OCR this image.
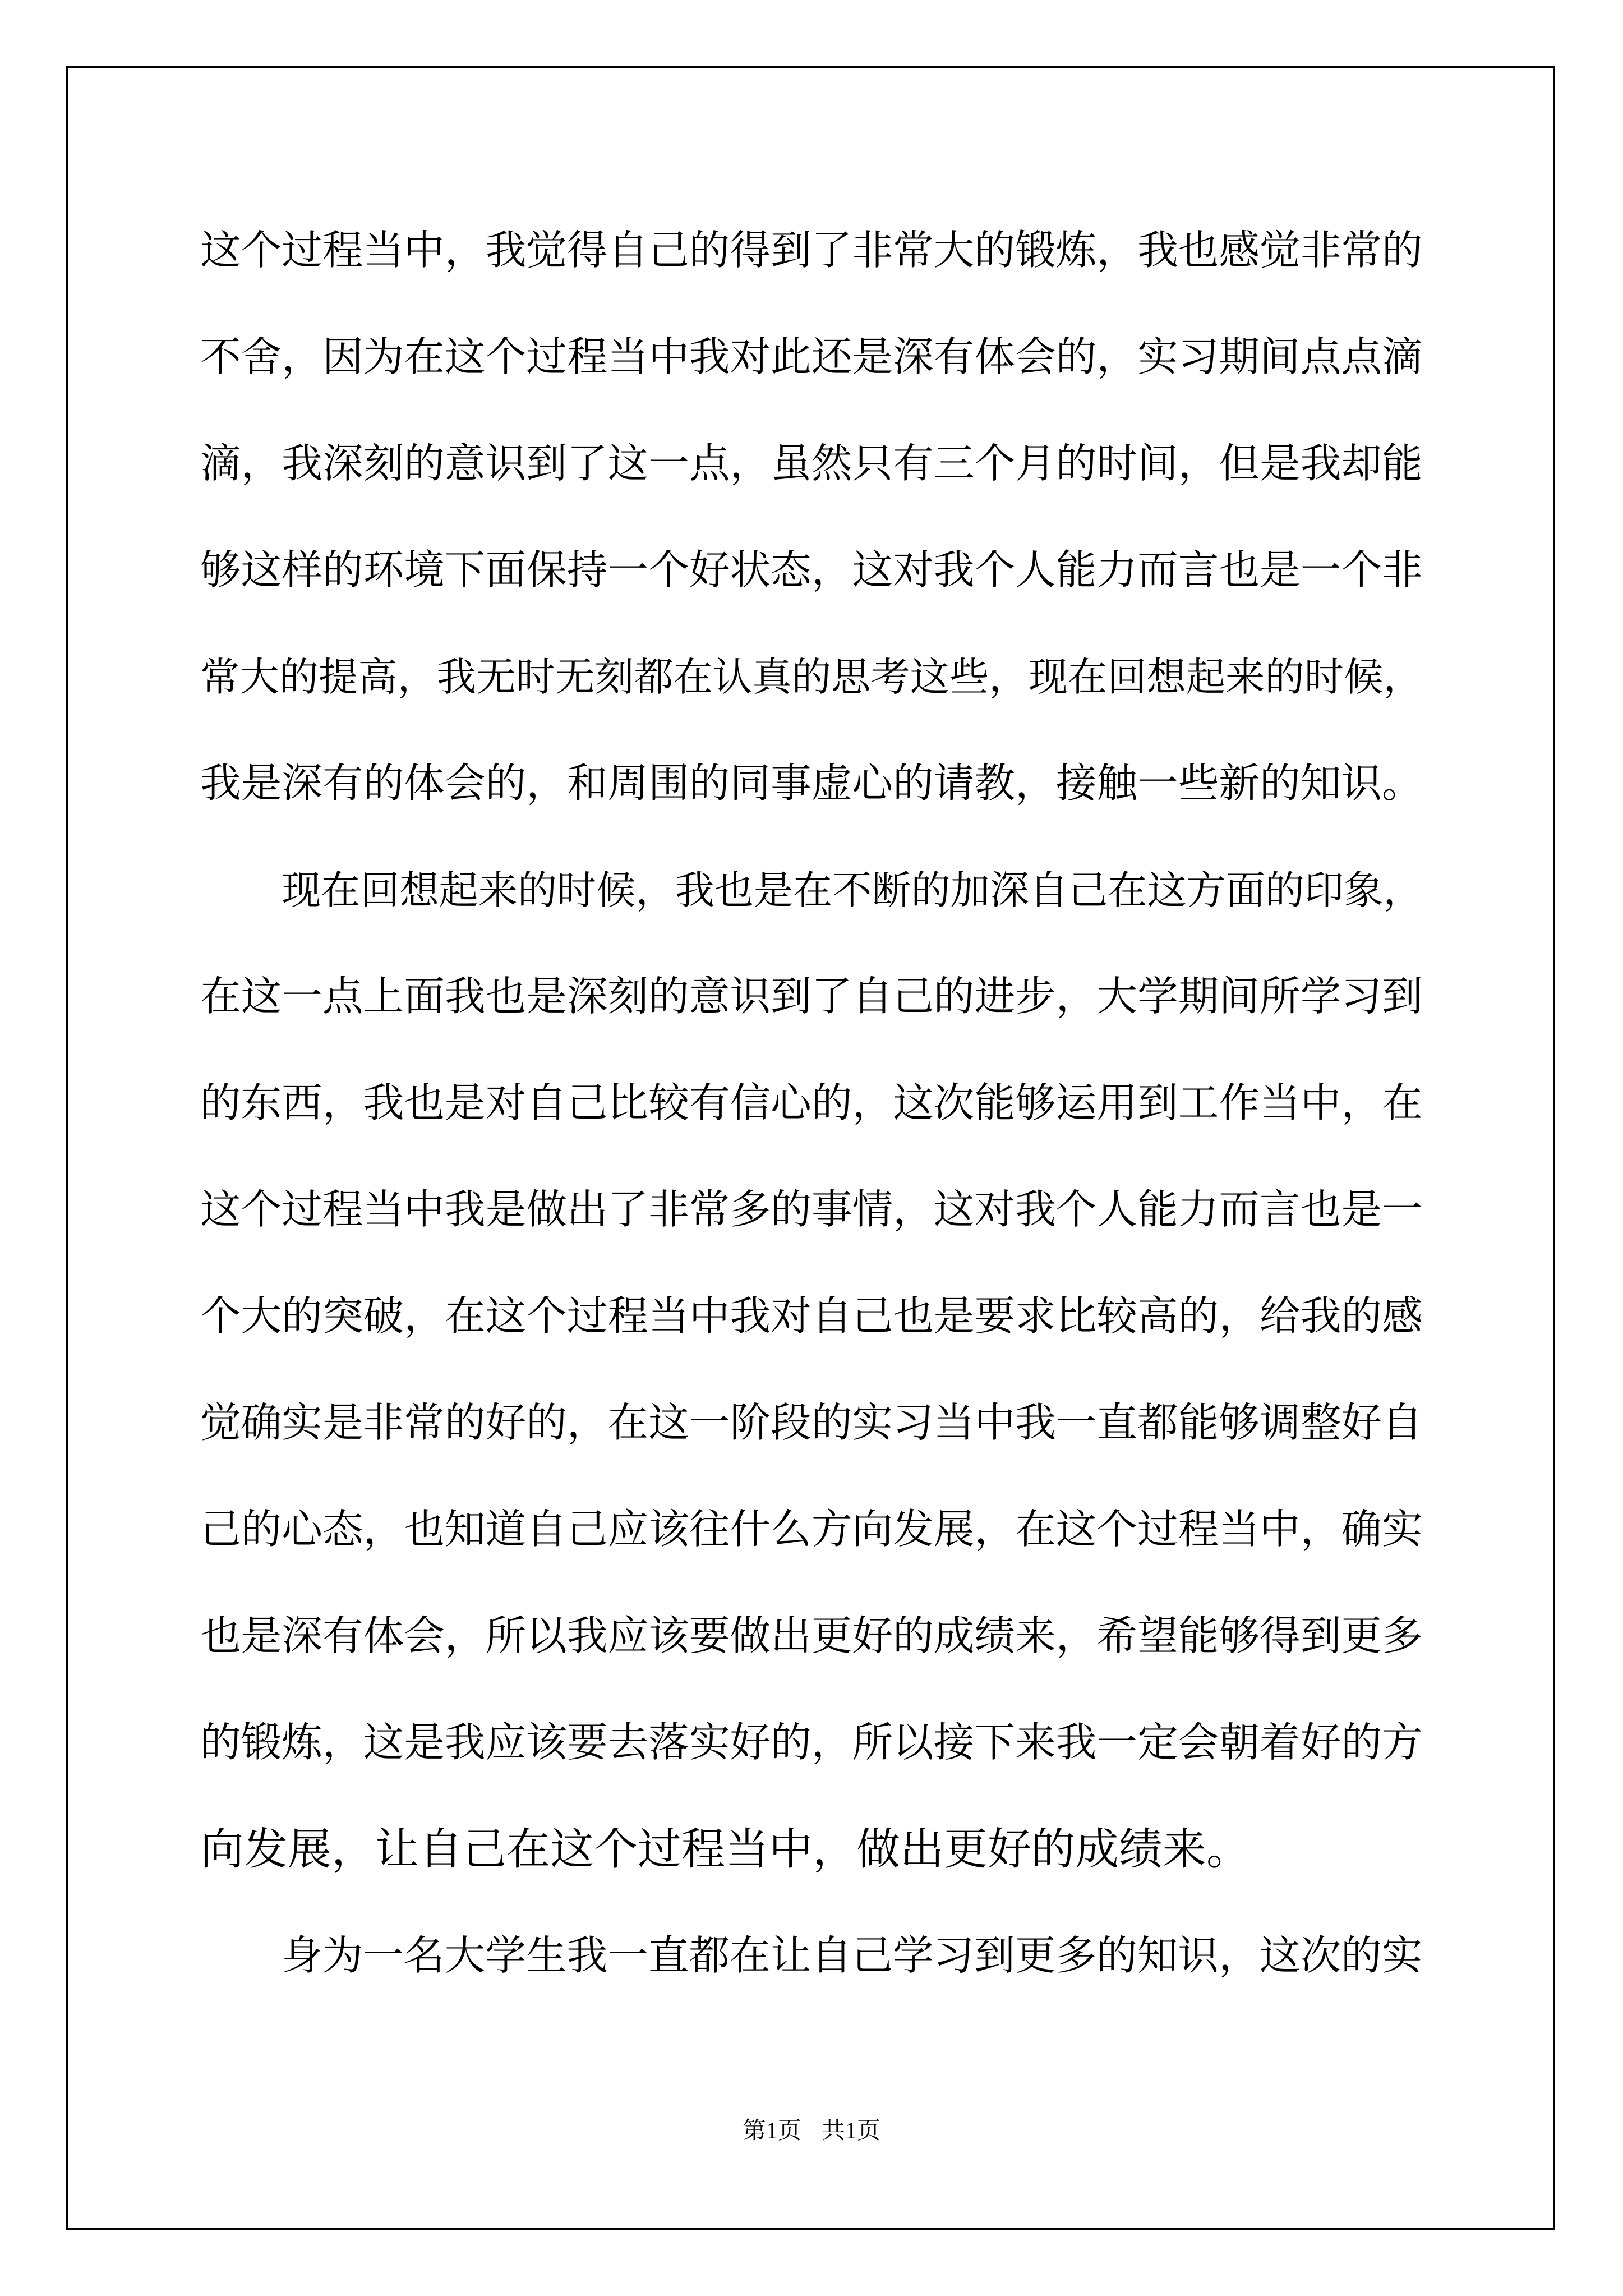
这个过程当中，我觉得自己的得到了非常大的锻炼，我也感觉非常的
不舍，因为在这个过程当中我对此还是深有体会的，实习期间点点滴
滴，我深刻的意识到了这一点，虽然只有三个月的时间，但是我却能
够这样的环境下面保持一个好状态，这对我个人能力而言也是一个非
常大的提高，我无时无刻都在认真的思考这些，现在回想起来的时候，
我是深有的体会的，和周围的同事虚心的请教，接触一些新的知识。
现在回想起来的时候，我也是在不断的加深自己在这方面的印象，
在这一点上面我也是深刻的意识到了自己的进步，大学期间所学习到
的东西，我也是对自己比较有信心的，这次能够运用到工作当中，在
这个过程当中我是做出了非常多的事情，这对我个人能力而言也是一
个大的突破，在这个过程当中我对自己也是要求比较高的，给我的感
觉确实是非常的好的，在这一阶段的实习当中我一直都能够调整好自
己的心态，也知道自己应该往什么方向发展，在这个过程当中，确实
也是深有体会，所以我应该要做出更好的成绩来，希望能够得到更多
的锻炼，这是我应该要去落实好的，所以接下来我一定会朝着好的方
向发展，让自己在这个过程当中，做出更好的成绩来。
身为一名大学生我一直都在让自己学习到更多的知识，这次的实
第1页 共1页
